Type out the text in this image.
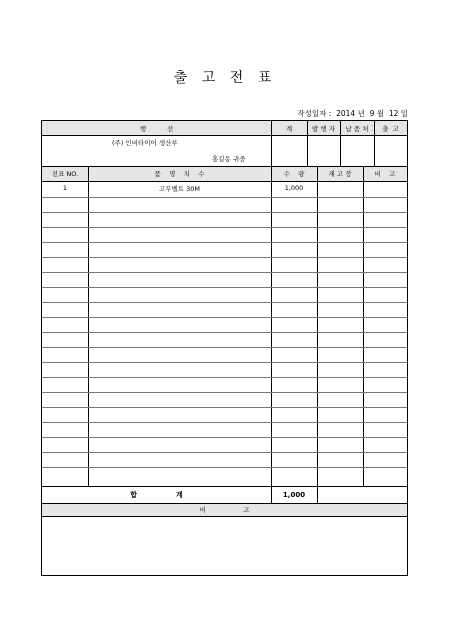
출 고 전 표
작성일자 : 2014 년 9 월 12 일
행          선	계	발 행 자	납 품 처	출  고
(주) 인비타이어 생산부
홍길동 귀중
전표 NO.	품    명    치    수	수    량	재 고 장	비    고
1	고무벨트 30M	1,000
합                계	1,000
비                  고
